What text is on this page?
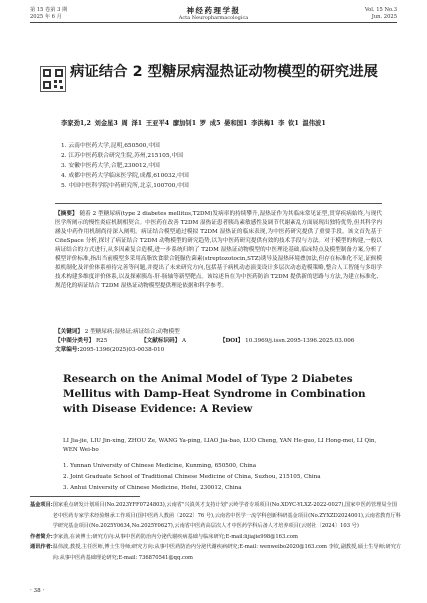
第 15 卷第 3 期
2025 年 6 月
神经药理学报
Acta Neuropharmacologica
Vol. 15 No.3
Jun. 2025
病证结合 2 型糖尿病湿热证动物模型的研究进展
李家劲1,2 刘金星3 周 泽1 王亚平4 廖加钊1 罗 成5 晏和国1 李洪梅1 李 钦1 温伟波1
1. 云南中医药大学,昆明,650500,中国
2. 江苏中医药联合研究生院,苏州,215105,中国
3. 安徽中医药大学,合肥,230012,中国
4. 成都中医药大学临床医学院,成都,610032,中国
5. 中国中医科学院中药研究所,北京,100700,中国
【摘要】 随着 2 型糖尿病(type 2 diabetes mellitus,T2DM)发病率的持续攀升,湿热证作为其临床常见证型,贯穿疾病始终,与现代医学所阐示的慢性炎症机制相契合。中医药在改善 T2DM 湿热证患者胰岛素敏感性及调节代谢紊乱方面展现出独特优势,但其科学内涵及中药作用机制尚待深入阐明。病证结合模型通过模拟 T2DM 湿热证的临床表现,为中医药研究提供了重要手段。该文首先基于 CiteSpace 分析,探讨了病证结合 T2DM 动物模型的研究趋势,以为中医药研究提供有效的技术手段与方法。对于模型的构建,一般以病证结合的方式进行,从多因素复合造模,进一步系统归纳了 T2DM 湿热证动物模型的中医理论基础,临床特点及模型制备方案,分析了模型评价标准,指出当前模型多采用高脂饮食联合链脲佐菌素(streptozotocin,STZ)诱导及湿热环境叠加法,但存在标准化不足,证候模拟机制化及评价体系亟待完善等问题,并提出了未来研究方向,包括基于病机动态演变设计多层次动态造模策略,整合人工智能与多组学技术构建多维度评价体系,以及探索胰岛-肝-肠轴等新型靶点。该综述旨在为中医药防治 T2DM 提供新的思路与方法,为建立标准化、规范化的病证结合 T2DM 湿热证动物模型提供理论依据和科学参考。
【关键词】 2 型糖尿病;湿热证;病证结合;动物模型
【中图分类号】 R25	【文献标识码】 A	【DOI】 10.3969/j.issn.2095-1396.2025.03.006
文章编号:2095-1396(2025)03-0038-010
Research on the Animal Model of Type 2 Diabetes Mellitus with Damp-Heat Syndrome in Combination with Disease Evidence: A Review
LI Jia-jie, LIU Jin-xing, ZHOU Ze, WANG Ya-ping, LIAO Jia-bao, LUO Cheng, YAN He-guo, LI Hong-mei, LI Qin, WEN Wei-bo
1. Yunnan University of Chinese Medicine, Kunming, 650500, China
2. Joint Graduate School of Traditional Chinese Medicine of China, Suzhou, 215105, China
3. Anhui University of Chinese Medicine, Hefei, 230012, China
基金项目: 国家重点研发计划项目(No.2023YFF0724803),云南省"兴滇英才支持计划"云岭学者专项项目(No.XDYC-YLXZ-2022-0027),国家中医药管理局全国老中医药专家学术经验继承工作项目(国中医药人教函〔2022〕76 号),云南省中医学一流学科创新科研基金项目(No.ZYXZD2024001),云南省教育厅科学研究基金项目(No.2025Y0634,No.2025Y0627),云南省中医药高层次人才中医药学科后备人才培养项目(云财社〔2024〕103 号)
作者简介: 李家劲,在读博士;研究方向:从事中医药防治内分泌代谢疾病基础与临床研究;E-mail:lijiajie998@163.com
通讯作者: 温伟波,教授,主任医师,博士生导师;研究方向:从事中医药防治内分泌代谢疾病研究;E-mail: wenweibo2020@163.com 李钦,副教授,硕士生导师;研究方向:从事中医药基础理论研究;E-mail: 736870541@qq.com
· 38 ·
